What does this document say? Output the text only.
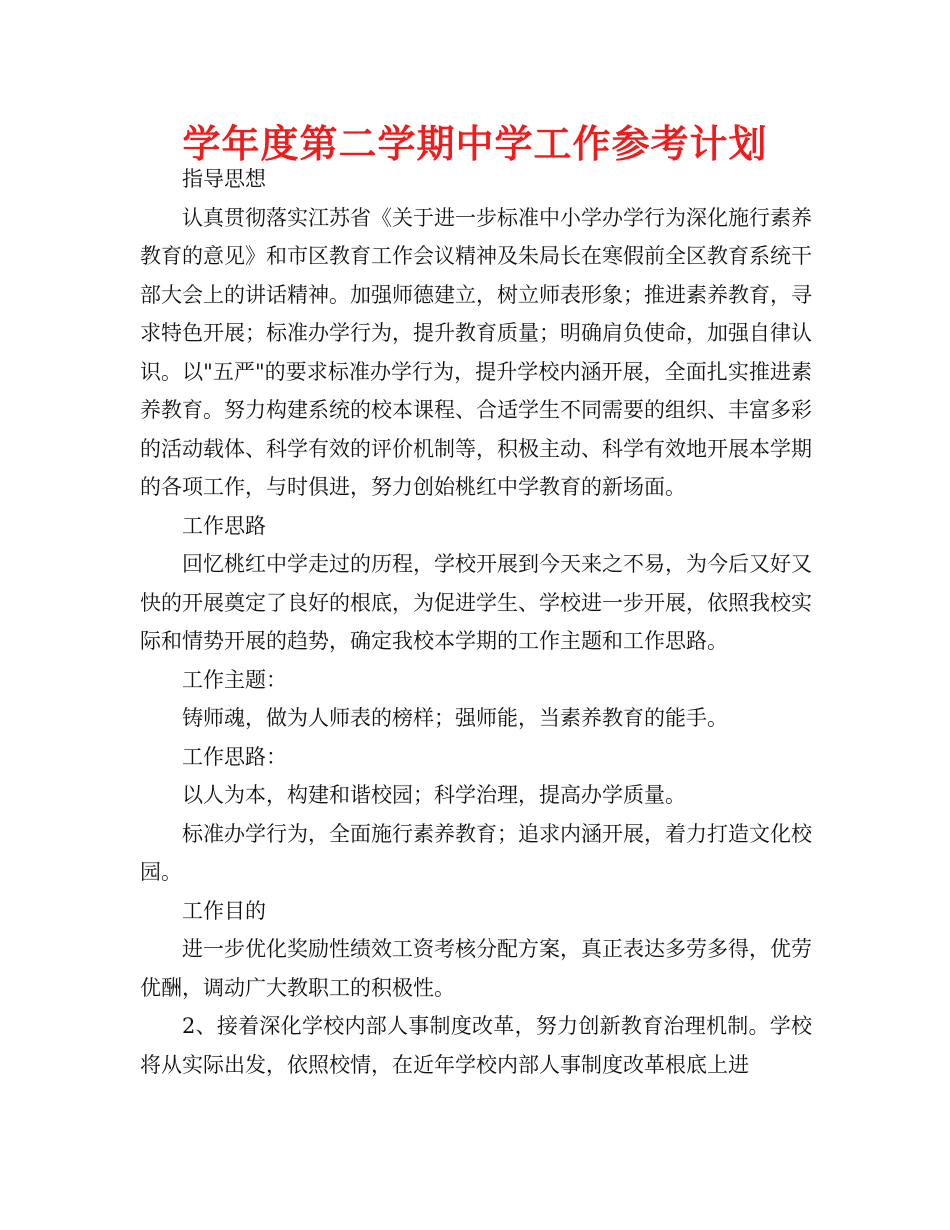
学年度第二学期中学工作参考计划

指导思想

认真贯彻落实江苏省《关于进一步标准中小学办学行为深化施行素养教育的意见》和市区教育工作会议精神及朱局长在寒假前全区教育系统干部大会上的讲话精神。加强师德建立，树立师表形象；推进素养教育，寻求特色开展；标准办学行为，提升教育质量；明确肩负使命，加强自律认识。以"五严"的要求标准办学行为，提升学校内涵开展，全面扎实推进素养教育。努力构建系统的校本课程、合适学生不同需要的组织、丰富多彩的活动载体、科学有效的评价机制等，积极主动、科学有效地开展本学期的各项工作，与时俱进，努力创始桃红中学教育的新场面。

工作思路

回忆桃红中学走过的历程，学校开展到今天来之不易，为今后又好又快的开展奠定了良好的根底，为促进学生、学校进一步开展，依照我校实际和情势开展的趋势，确定我校本学期的工作主题和工作思路。

工作主题：

铸师魂，做为人师表的榜样；强师能，当素养教育的能手。

工作思路：

以人为本，构建和谐校园；科学治理，提高办学质量。

标准办学行为，全面施行素养教育；追求内涵开展，着力打造文化校园。

工作目的

进一步优化奖励性绩效工资考核分配方案，真正表达多劳多得，优劳优酬，调动广大教职工的积极性。

2、接着深化学校内部人事制度改革，努力创新教育治理机制。学校将从实际出发，依照校情，在近年学校内部人事制度改革根底上进
